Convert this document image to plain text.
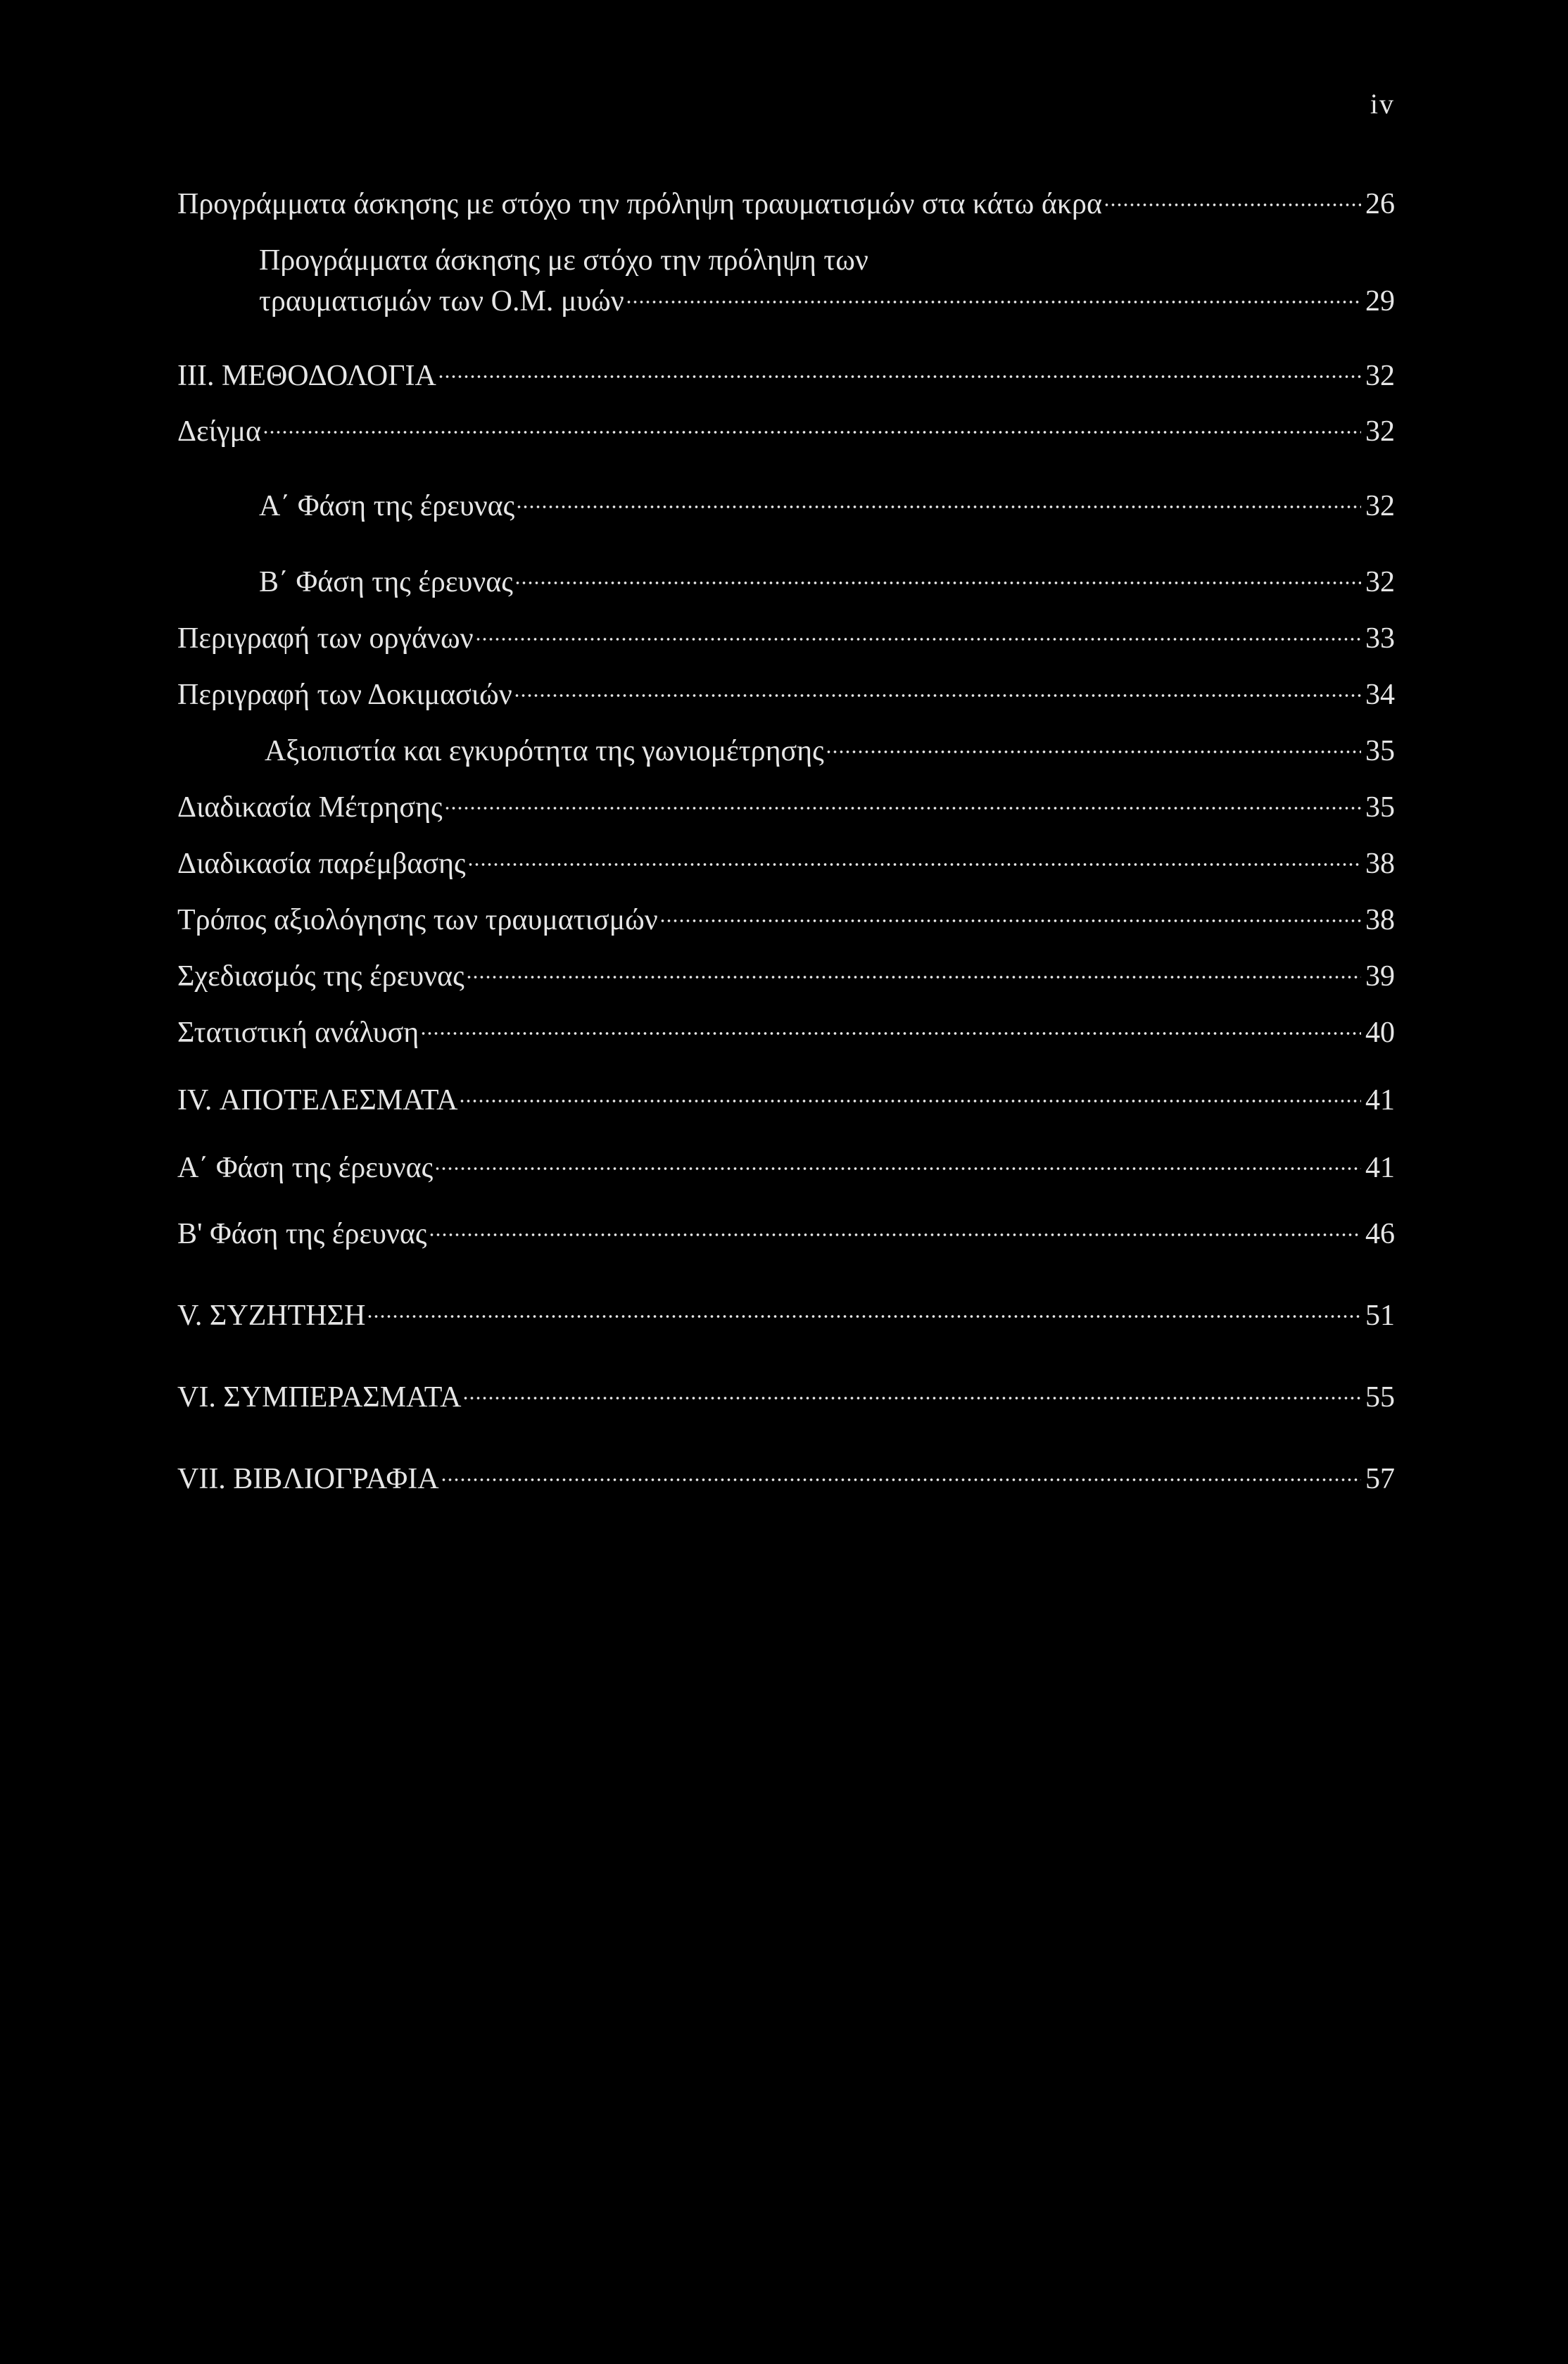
iv
Προγράμματα άσκησης με στόχο την πρόληψη τραυματισμών στα κάτω άκρα	26
Προγράμματα άσκησης με στόχο την πρόληψη των
τραυματισμών των Ο.Μ. μυών	29
III. ΜΕΘΟΔΟΛΟΓΙΑ	32
Δείγμα	32
Α΄ Φάση της έρευνας	32
Β΄ Φάση της έρευνας	32
Περιγραφή των οργάνων	33
Περιγραφή των Δοκιμασιών	34
Αξιοπιστία και εγκυρότητα της γωνιομέτρησης	35
Διαδικασία Μέτρησης	35
Διαδικασία παρέμβασης	38
Τρόπος αξιολόγησης των τραυματισμών	38
Σχεδιασμός της έρευνας	39
Στατιστική ανάλυση	40
IV. ΑΠΟΤΕΛΕΣΜΑΤΑ	41
Α΄ Φάση της έρευνας	41
Β' Φάση της έρευνας	46
V. ΣΥΖΗΤΗΣΗ	51
VI. ΣΥΜΠΕΡΑΣΜΑΤΑ	55
VII. ΒΙΒΛΙΟΓΡΑΦΙΑ	57
